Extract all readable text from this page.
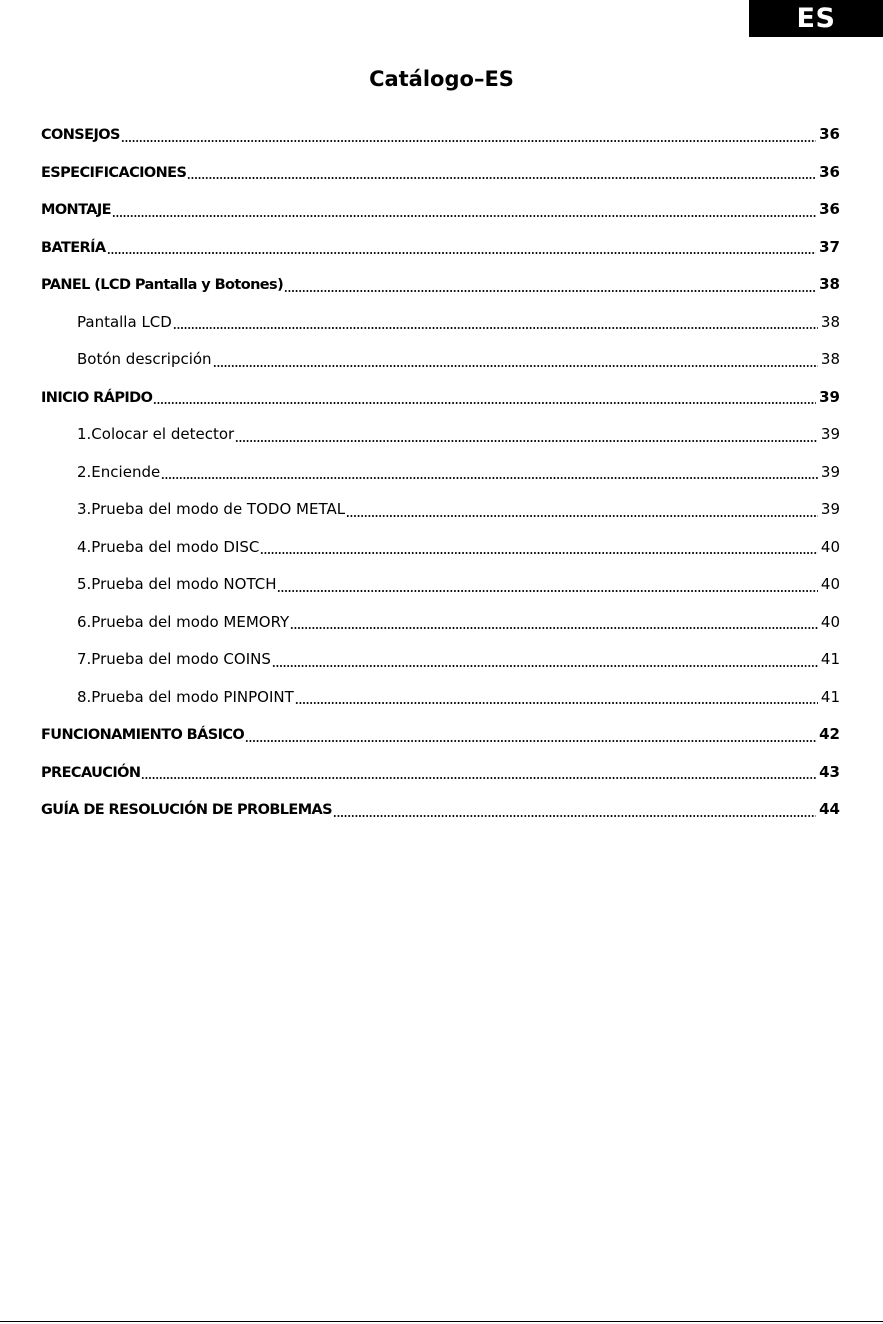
ES
Catálogo–ES
CONSEJOS	36
ESPECIFICACIONES	36
MONTAJE	36
BATERÍA	37
PANEL (LCD Pantalla y Botones)	38
Pantalla LCD	38
Botón descripción	38
INICIO RÁPIDO	39
1.Colocar el detector	39
2.Enciende	39
3.Prueba del modo de TODO METAL	39
4.Prueba del modo DISC	40
5.Prueba del modo NOTCH	40
6.Prueba del modo MEMORY	40
7.Prueba del modo COINS	41
8.Prueba del modo PINPOINT	41
FUNCIONAMIENTO BÁSICO	42
PRECAUCIÓN	43
GUÍA DE RESOLUCIÓN DE PROBLEMAS	44
